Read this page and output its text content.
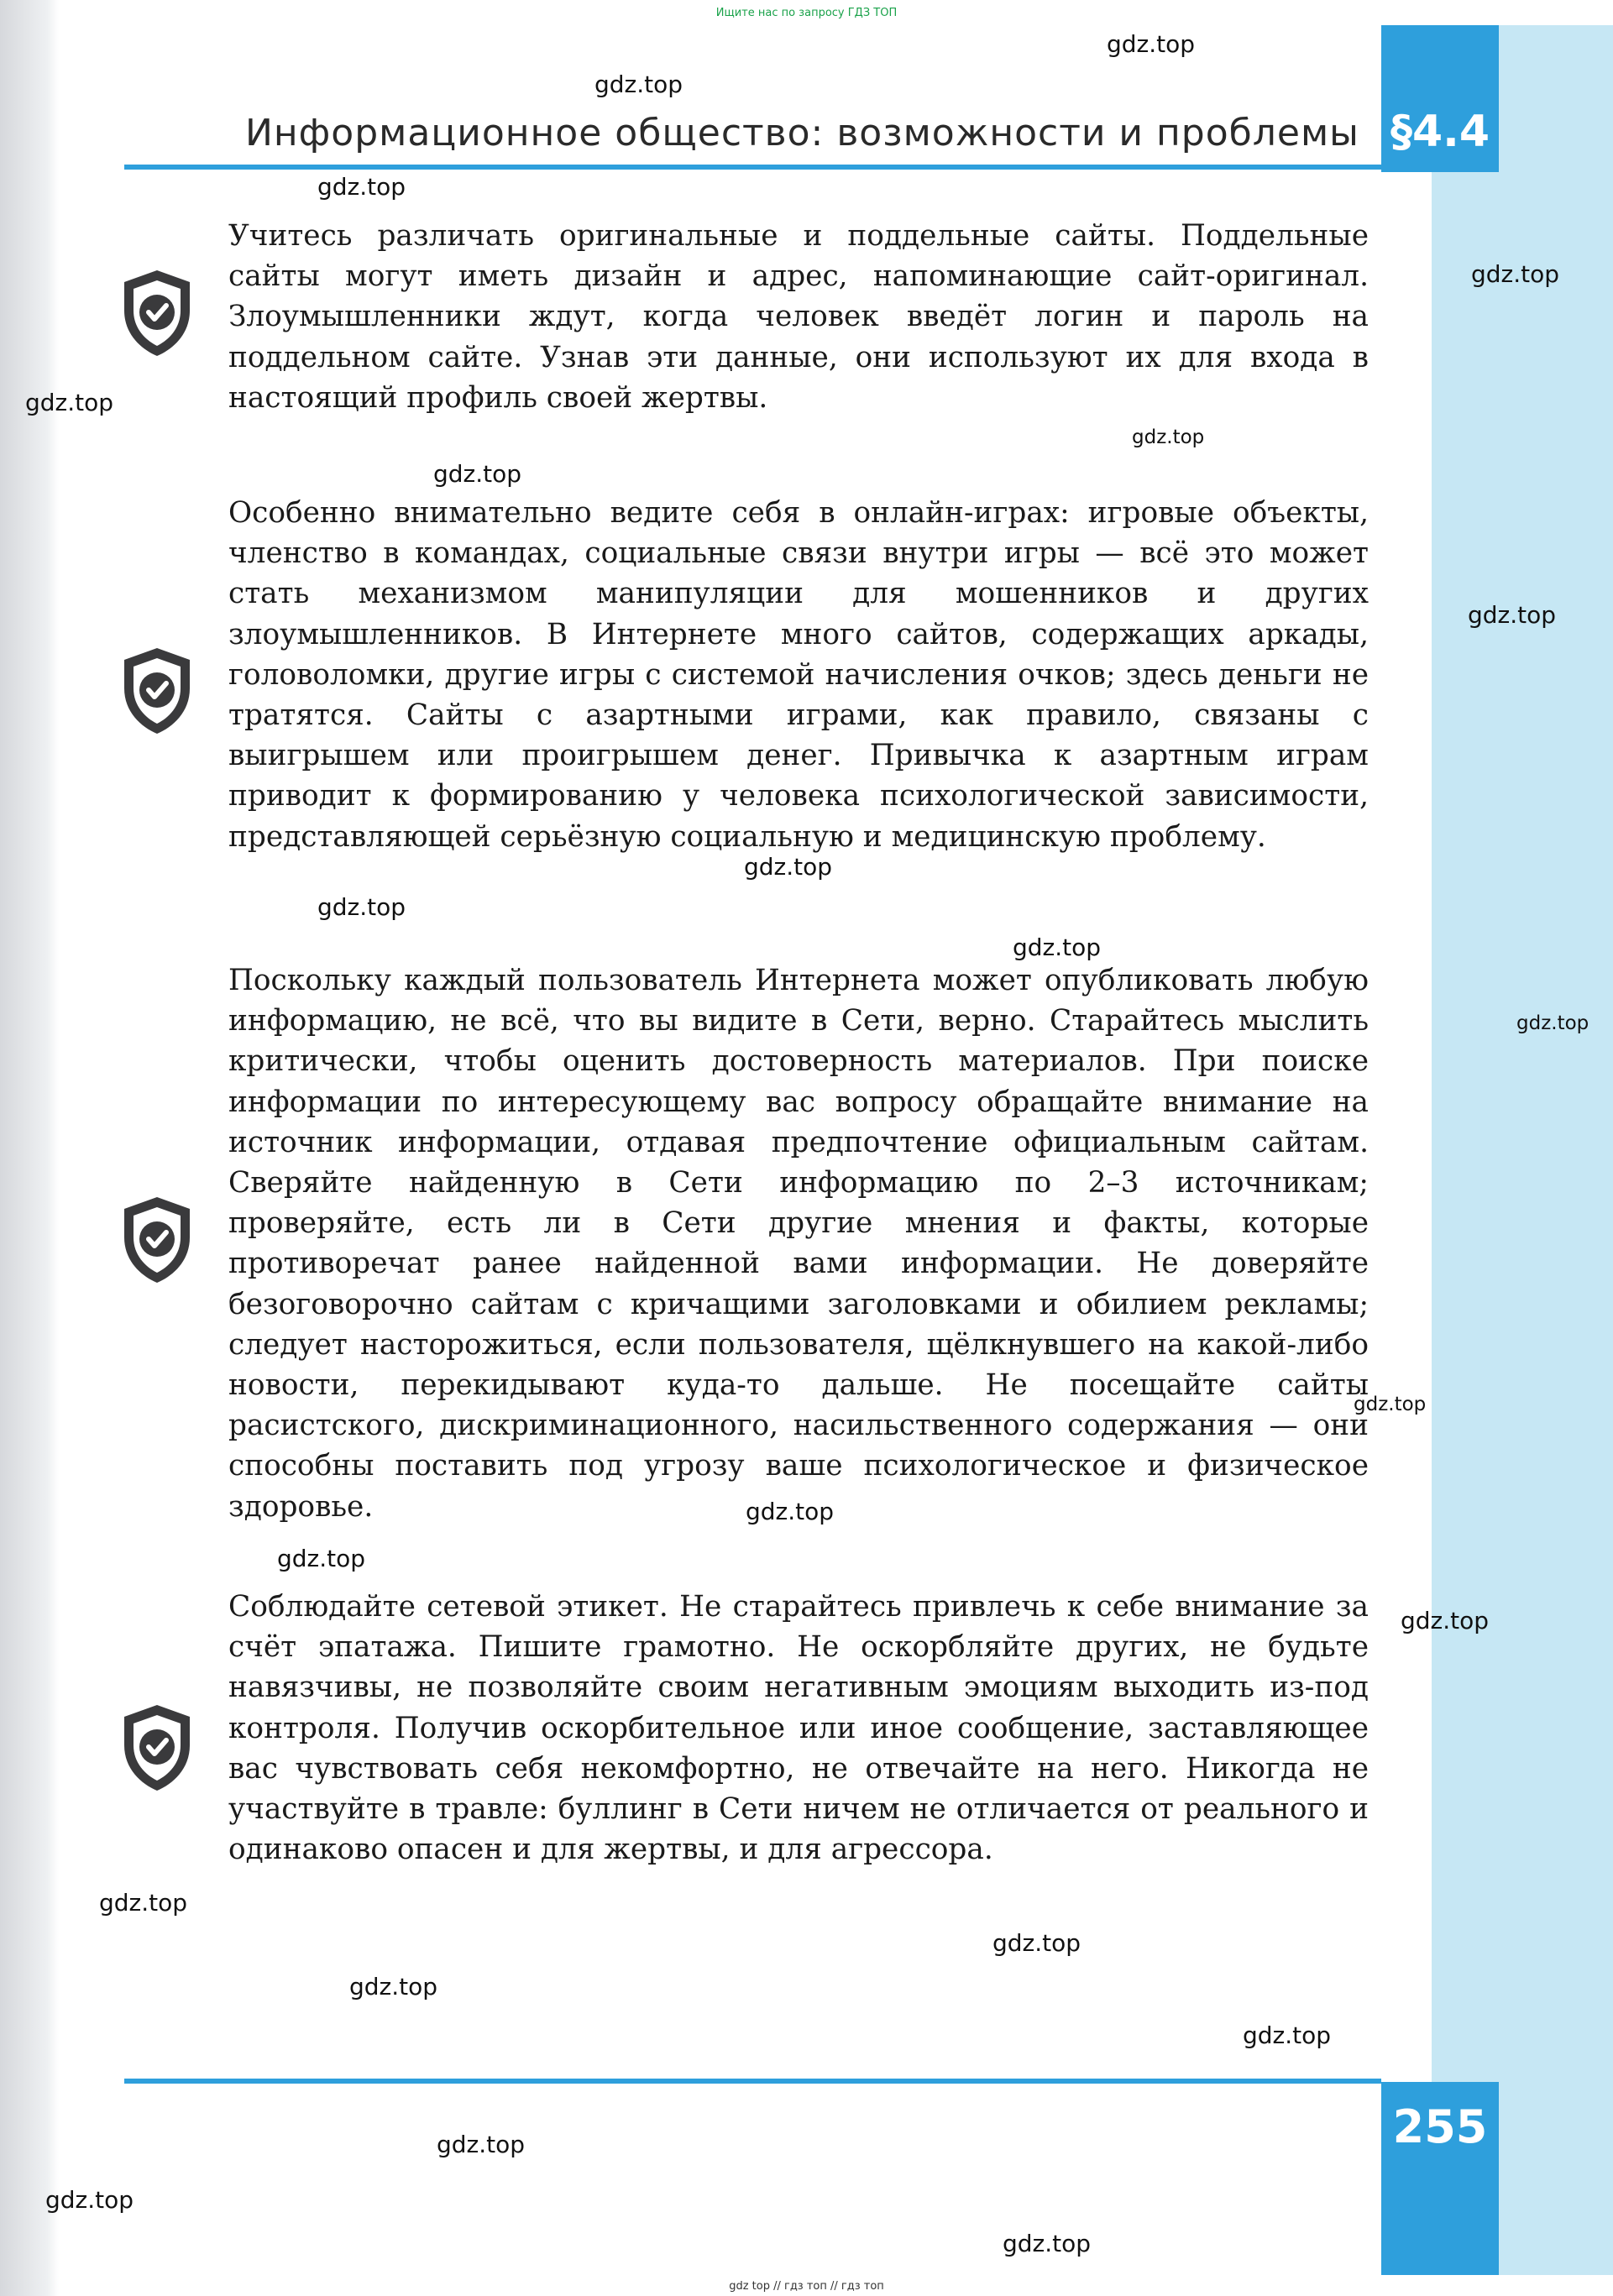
Ищите нас по запросу ГДЗ ТОП
Информационное общество: возможности и проблемы §4.4

Учитесь различать оригинальные и поддельные сайты. Поддельные сайты могут иметь дизайн и адрес, напоминающие сайт-оригинал. Злоумышленники ждут, когда человек введёт логин и пароль на поддельном сайте. Узнав эти данные, они используют их для входа в настоящий профиль своей жертвы.

Особенно внимательно ведите себя в онлайн-играх: игровые объекты, членство в командах, социальные связи внутри игры — всё это может стать механизмом манипуляции для мошенников и других злоумышленников. В Интернете много сайтов, содержащих аркады, головоломки, другие игры с системой начисления очков; здесь деньги не тратятся. Сайты с азартными играми, как правило, связаны с выигрышем или проигрышем денег. Привычка к азартным играм приводит к формированию у человека психологической зависимости, представляющей серьёзную социальную и медицинскую проблему.

Поскольку каждый пользователь Интернета может опубликовать любую информацию, не всё, что вы видите в Сети, верно. Старайтесь мыслить критически, чтобы оценить достоверность материалов. При поиске информации по интересующему вас вопросу обращайте внимание на источник информации, отдавая предпочтение официальным сайтам. Сверяйте найденную в Сети информацию по 2–3 источникам; проверяйте, есть ли в Сети другие мнения и факты, которые противоречат ранее найденной вами информации. Не доверяйте безоговорочно сайтам с кричащими заголовками и обилием рекламы; следует насторожиться, если пользователя, щёлкнувшего на какой-либо новости, перекидывают куда-то дальше. Не посещайте сайты расистского, дискриминационного, насильственного содержания — они способны поставить под угрозу ваше психологическое и физическое здоровье.

Соблюдайте сетевой этикет. Не старайтесь привлечь к себе внимание за счёт эпатажа. Пишите грамотно. Не оскорбляйте других, не будьте навязчивы, не позволяйте своим негативным эмоциям выходить из-под контроля. Получив оскорбительное или иное сообщение, заставляющее вас чувствовать себя некомфортно, не отвечайте на него. Никогда не участвуйте в травле: буллинг в Сети ничем не отличается от реального и одинаково опасен и для жертвы, и для агрессора.

255
gdz.top
gdz.top
gdz.top
gdz.top
gdz.top
gdz.top
gdz.top
gdz.top
gdz.top
gdz.top
gdz.top
gdz.top
gdz.top
gdz.top
gdz.top
gdz.top
gdz.top
gdz.top
gdz.top
gdz.top
gdz.top
gdz.top
gdz.top
gdz top // гдз топ // гдз топ
